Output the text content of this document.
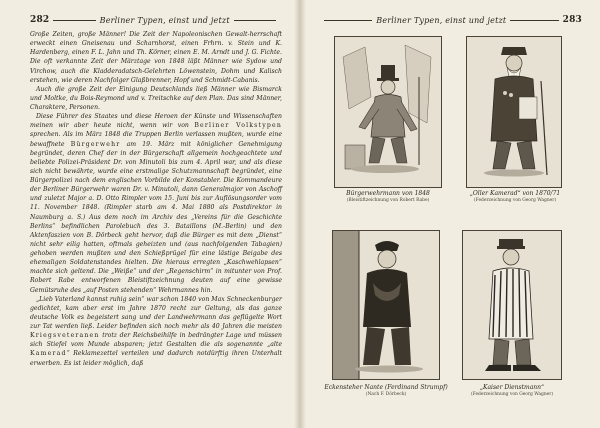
282	Berliner Typen, einst und jetzt

Große Zeiten, große Männer! Die Zeit der Napoleonischen Gewalt-herrschaft erweckt einen Gneisenau und Scharnhorst, einen Frhrn. v. Stein und K. Hardenberg, einen F. L. Jahn und Th. Körner, einen E. M. Arndt und J. G. Fichte. Die oft verkannte Zeit der Märztage von 1848 läßt Männer wie Sydow und Virchow, auch die Kladderadatsch-Gelehrten Löwenstein, Dohm und Kalisch erstehen, wie deren Nachfolger Glaßbrenner, Hopf und Schmidt-Cabanis.

Auch die große Zeit der Einigung Deutschlands ließ Männer wie Bismarck und Moltke, du Bois-Reymond und v. Treitschke auf den Plan. Das sind Männer, Charaktere, Personen.

Diese Führer des Staates und diese Heroen der Künste und Wissenschaften meinen wir aber heute nicht, wenn wir von Berliner Volkstypen sprechen. Als im März 1848 die Truppen Berlin verlassen mußten, wurde eine bewaffnete Bürgerwehr am 19. März mit königlicher Genehmigung begründet, deren Chef der in der Bürgerschaft allgemein hochgeachtete und beliebte Polizei-Präsident Dr. von Minutoli bis zum 4. April war, und als diese sich nicht bewährte, wurde eine erstmalige Schutzmannschaft begründet, eine Bürgerpolizei nach dem englischen Vorbilde der Konstabler. Die Kommandeure der Berliner Bürgerwehr waren Dr. v. Minutoli, dann Generalmajor von Aschoff und zuletzt Major a. D. Otto Rimpler vom 15. Juni bis zur Auflösungsorder vom 11. November 1848. (Rimpler starb am 4. Mai 1880 als Postdirektor in Naumburg a. S.) Aus dem noch im Archiv des „Vereins für die Geschichte Berlins“ befindlichen Parolebuch des 3. Bataillons (M.-Berlin) und den Aktenfaszien von B. Dörbeck geht hervor, daß die Bürger es mit dem „Dienst“ nicht sehr eilig hatten, oftmals geheizten und (aus nachfolgenden Tabagien) gehoben werden mußten und den Schießprügel für eine lästige Beigabe des ehemaligen Soldatenstandes hielten. Die hieraus erregten „Kaschwehlapsen“ machte sich geltend. Die „Weiße“ und der „Regenschirm“ in mitunter von Prof. Robert Rabe entworfenen Bleistiftzeichnung deuten auf eine gewisse Gemütsruhe des „auf Posten stehenden“ Wehrmannes hin.

„Lieb Vaterland kannst ruhig sein“ war schon 1840 von Max Schneckenburger gedichtet, kam aber erst im Jahre 1870 recht zur Geltung, als das ganze deutsche Volk es begeistert sang und der Landwehrmann das geflügelte Wort zur Tat werden ließ. Leider befinden sich noch mehr als 40 Jahren die meisten Kriegsveteranen trotz der Reichsbeihilfe in bedrängter Lage und müssen sich Stiefel vom Munde absparen; jetzt Gestalten die als sogenannte „alte Kamerad“ Reklamezettel verteilen und dadurch notdürftig ihren Unterhalt erwerben. Es ist leider möglich, daß

Berliner Typen, einst und jetzt	283
Bürgerwehrmann von 1848
(Bleistiftzeichnung von Robert Rabe)
„Oller Kamerad“ von 1870/71
(Federzeichnung von Georg Wagner)
Eckensteher Nante (Ferdinand Strumpf)
(Nach F. Dörbeck)
„Kaiser Dienstmann“
(Federzeichnung von Georg Wagner)
